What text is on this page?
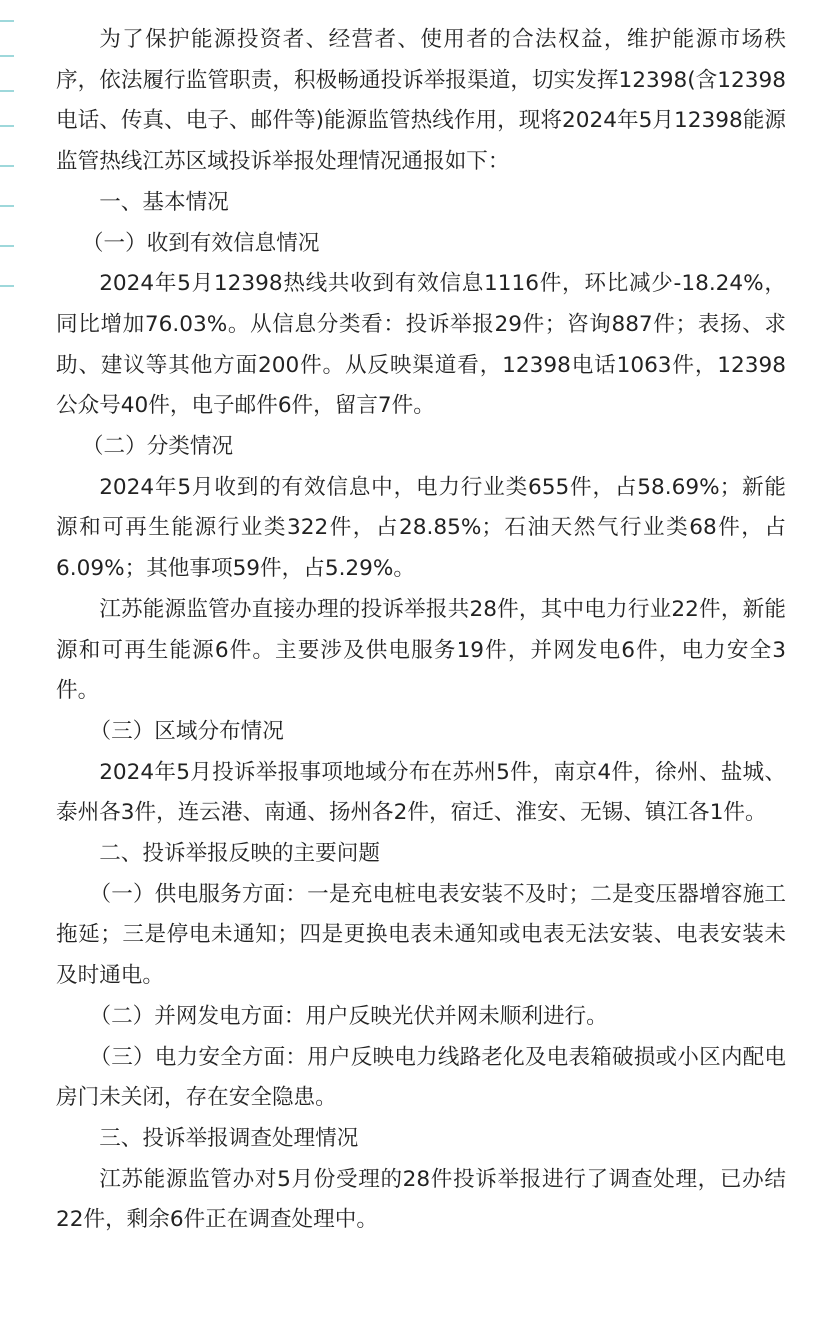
为了保护能源投资者、经营者、使用者的合法权益，维护能源市场秩序，依法履行监管职责，积极畅通投诉举报渠道，切实发挥12398(含12398电话、传真、电子、邮件等)能源监管热线作用，现将2024年5月12398能源监管热线江苏区域投诉举报处理情况通报如下：

一、基本情况

（一）收到有效信息情况

2024年5月12398热线共收到有效信息1116件，环比减少-18.24%，同比增加76.03%。从信息分类看：投诉举报29件；咨询887件；表扬、求助、建议等其他方面200件。从反映渠道看，12398电话1063件，12398公众号40件，电子邮件6件，留言7件。

（二）分类情况

2024年5月收到的有效信息中，电力行业类655件，占58.69%；新能源和可再生能源行业类322件，占28.85%；石油天然气行业类68件，占6.09%；其他事项59件，占5.29%。

江苏能源监管办直接办理的投诉举报共28件，其中电力行业22件，新能源和可再生能源6件。主要涉及供电服务19件，并网发电6件，电力安全3件。

（三）区域分布情况

2024年5月投诉举报事项地域分布在苏州5件，南京4件，徐州、盐城、泰州各3件，连云港、南通、扬州各2件，宿迁、淮安、无锡、镇江各1件。

二、投诉举报反映的主要问题

（一）供电服务方面：一是充电桩电表安装不及时；二是变压器增容施工拖延；三是停电未通知；四是更换电表未通知或电表无法安装、电表安装未及时通电。

（二）并网发电方面：用户反映光伏并网未顺利进行。

（三）电力安全方面：用户反映电力线路老化及电表箱破损或小区内配电房门未关闭，存在安全隐患。

三、投诉举报调查处理情况

江苏能源监管办对5月份受理的28件投诉举报进行了调查处理，已办结22件，剩余6件正在调查处理中。
